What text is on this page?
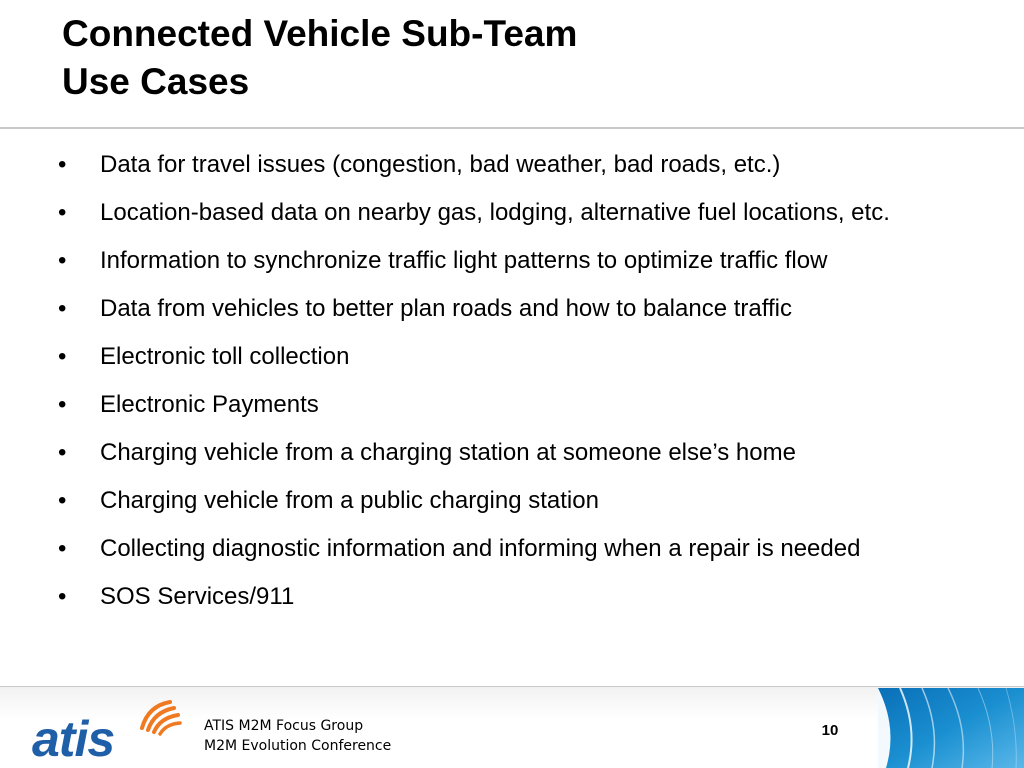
Connected Vehicle Sub-Team
Use Cases
•	Data for travel issues (congestion, bad weather, bad roads, etc.)
•	Location-based data on nearby gas, lodging, alternative fuel locations, etc.
•	Information to synchronize traffic light patterns to optimize traffic flow
•	Data from vehicles to better plan roads and how to balance traffic
•	Electronic toll collection
•	Electronic Payments
•	Charging vehicle from a charging station at someone else’s home
•	Charging vehicle from a public charging station
•	Collecting diagnostic information and informing when a repair is needed
•	SOS Services/911
atis	ATIS M2M Focus Group
M2M Evolution Conference
10
